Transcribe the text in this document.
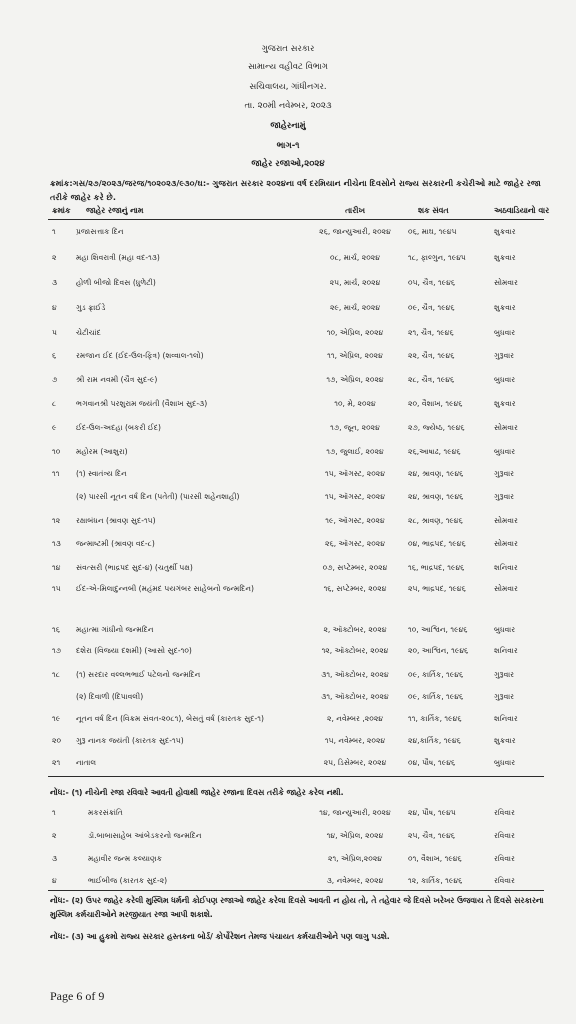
ગુજરાત સરકાર
સામાન્ય વહીવટ વિભાગ
સચિવાલય, ગાંધીનગર.
તા. ૨૦મી નવેમ્બર, ૨૦૨૩
જાહેરનામું
ભાગ-૧
જાહેર રજાઓ,૨૦૨૪
ક્રમાંક:ગસ/૨૭/૨૦૨૩/જરજ/૧૦૨૦૨૩/૯૩૦/ઘ:- ગુજરાત સરકાર ૨૦૨૪ના વર્ષ દરમિયાન નીચેના દિવસોને રાજ્ય સરકારની કચેરીઓ માટે જાહેર રજા તરીકે જાહેર કરે છે.
ક્રમાંક	જાહેર રજાનું નામ	તારીખ	શક સંવત	અઠવાડિયાનો વાર
૧	પ્રજાસત્તાક દિન	૨૬, જાન્યુઆરી, ૨૦૨૪	૦૬, માઘ, ૧૯૪૫	શુક્રવાર
૨	મહા શિવરાત્રી (મહા વદ-૧૩)	૦૮, માર્ચ, ૨૦૨૪	૧૮, ફાલ્ગુન, ૧૯૪૫	શુક્રવાર
૩	હોળી બીજો દિવસ (ધુળેટી)	૨૫, માર્ચ, ૨૦૨૪	૦૫, ચૈત્ર, ૧૯૪૬	સોમવાર
૪	ગુડ ફ્રાઈડે	૨૯, માર્ચ, ૨૦૨૪	૦૯, ચૈત્ર, ૧૯૪૬	શુક્રવાર
૫	ચેટીચાંદ	૧૦, એપ્રિલ, ૨૦૨૪	૨૧, ચૈત્ર, ૧૯૪૬	બુધવાર
૬	રમજાન ઈદ (ઈદ-ઉલ-ફિત્ર) (શવ્વાલ-૧લો)	૧૧, એપ્રિલ, ૨૦૨૪	૨૨, ચૈત્ર, ૧૯૪૬	ગુરૂવાર
૭	શ્રી રામ નવમી (ચૈત્ર સુદ-૯)	૧૭, એપ્રિલ, ૨૦૨૪	૨૮, ચૈત્ર, ૧૯૪૬	બુધવાર
૮	ભગવાનશ્રી પરશુરામ જયંતી (વૈશાખ સુદ-૩)	૧૦, મે, ૨૦૨૪	૨૦, વૈશાખ, ૧૯૪૬	શુક્રવાર
૯	ઈદ-ઉલ-અદહા (બકરી ઈદ)	૧૭, જૂન, ૨૦૨૪	૨૭, જ્યેષ્ઠ, ૧૯૪૬	સોમવાર
૧૦	મહોરમ (આશુરા)	૧૭, જુલાઈ, ૨૦૨૪	૨૬,આષાઢ, ૧૯૪૬	બુધવાર
૧૧	(૧) સ્વાતંત્ર્ય દિન	૧૫, ઑગસ્ટ, ૨૦૨૪	૨૪, શ્રાવણ, ૧૯૪૬	ગુરૂવાર
(૨) પારસી નૂતન વર્ષ દિન (પતેતી) (પારસી શહેનશાહી)	૧૫, ઑગસ્ટ, ૨૦૨૪	૨૪, શ્રાવણ, ૧૯૪૬	ગુરૂવાર
૧૨	રક્ષાબંધન (શ્રાવણ સુદ-૧૫)	૧૯, ઑગસ્ટ, ૨૦૨૪	૨૮, શ્રાવણ, ૧૯૪૬	સોમવાર
૧૩	જન્માષ્ટમી (શ્રાવણ વદ-૮)	૨૬, ઑગસ્ટ, ૨૦૨૪	૦૪, ભાદ્રપદ, ૧૯૪૬	સોમવાર
૧૪	સંવત્સરી (ભાદ્રપદ સુદ-૪) (ચતુર્થી પક્ષ)	૦૭, સપ્ટેમ્બર, ૨૦૨૪	૧૬, ભાદ્રપદ, ૧૯૪૬	શનિવાર
૧૫	ઈદ-એ-મિલાદુન્નબી (મહંમદ પયગંબર સાહેબનો જન્મદિન)	૧૬, સપ્ટેમ્બર, ૨૦૨૪	૨૫, ભાદ્રપદ, ૧૯૪૬	સોમવાર
૧૬	મહાત્મા ગાંધીનો જન્મદિન	૨, ઑક્ટોબર, ૨૦૨૪	૧૦, આશ્વિન, ૧૯૪૬	બુધવાર
૧૭	દશેરા (વિજયા દશમી) (આસો સુદ-૧૦)	૧૨, ઑક્ટોબર, ૨૦૨૪	૨૦, આશ્વિન, ૧૯૪૬	શનિવાર
૧૮	(૧) સરદાર વલ્લભભાઈ પટેલનો જન્મદિન	૩૧, ઑક્ટોબર, ૨૦૨૪	૦૯, કાર્તિક, ૧૯૪૬	ગુરૂવાર
(૨) દિવાળી (દિપાવલી)	૩૧, ઑક્ટોબર, ૨૦૨૪	૦૯, કાર્તિક, ૧૯૪૬	ગુરૂવાર
૧૯	નૂતન વર્ષ દિન (વિક્રમ સંવત-૨૦૮૧), બેસતું વર્ષ (કારતક સુદ-૧)	૨, નવેમ્બર ,૨૦૨૪	૧૧, કાર્તિક, ૧૯૪૬	શનિવાર
૨૦	ગુરૂ નાનક જયંતી (કારતક સુદ-૧૫)	૧૫, નવેમ્બર, ૨૦૨૪	૨૪,કાર્તિક, ૧૯૪૬	શુક્રવાર
૨૧	નાતાલ	૨૫, ડિસેમ્બર, ૨૦૨૪	૦૪, પૌષ, ૧૯૪૬	બુધવાર
નોંધ:- (૧) નીચેની રજા રવિવારે આવતી હોવાથી જાહેર રજાના દિવસ તરીકે જાહેર કરેલ નથી.
૧	મકરસંક્રાંતિ	૧૪, જાન્યુઆરી, ૨૦૨૪	૨૪, પૌષ, ૧૯૪૫	રવિવાર
૨	ડૉ.બાબાસાહેબ આંબેડકરનો જન્મદિન	૧૪, એપ્રિલ, ૨૦૨૪	૨૫, ચૈત્ર, ૧૯૪૬	રવિવાર
૩	મહાવીર જન્મ કલ્યાણક	૨૧, એપ્રિલ,૨૦૨૪	૦૧, વૈશાખ, ૧૯૪૬	રવિવાર
૪	ભાઈબીજ (કારતક સુદ-૨)	૩, નવેમ્બર, ૨૦૨૪	૧૨, કાર્તિક, ૧૯૪૬	રવિવાર
નોંધ:- (૨) ઉપર જાહેર કરેલી મુસ્લિમ ધર્મની કોઈપણ રજાઓ જાહેર કરેલા દિવસે આવતી ન હોય તો, તે તહેવાર જે દિવસે ખરેખર ઉજવાય તે દિવસે સરકારના મુસ્લિમ કર્મચારીઓને મરજીયાત રજા આપી શકાશે.
નોંધ:- (૩) આ હુકમો રાજ્ય સરકાર હસ્તકના બોર્ડ/ કોર્પોરેશન તેમજ પંચાયત કર્મચારીઓને પણ લાગુ પડશે.
Page 6 of 9
